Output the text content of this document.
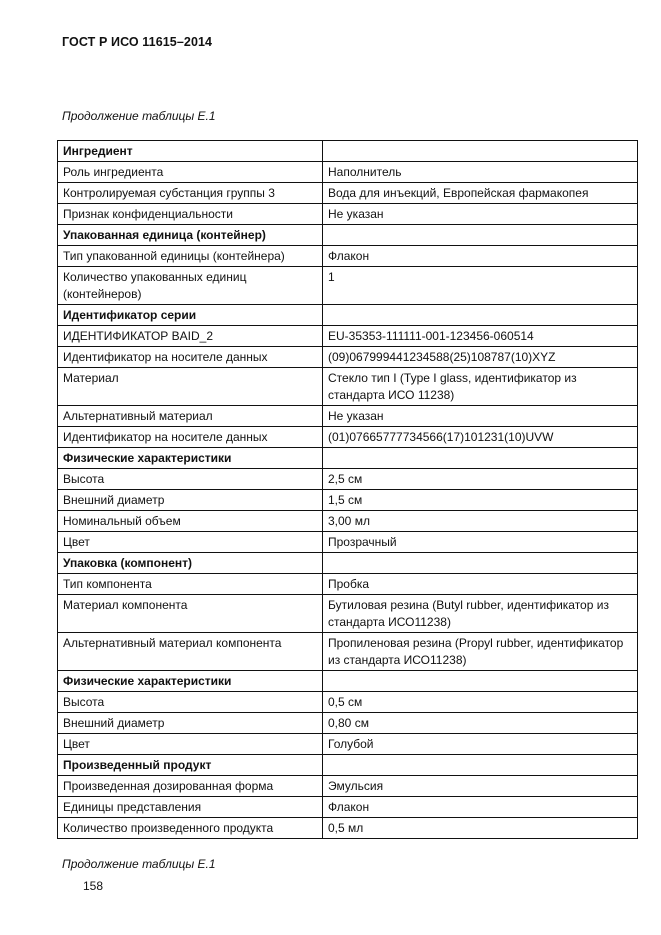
ГОСТ Р ИСО 11615–2014
Продолжение таблицы Е.1
Ингредиент	
Роль ингредиента	Наполнитель
Контролируемая субстанция группы 3	Вода для инъекций, Европейская фармакопея
Признак конфиденциальности	Не указан
Упакованная единица (контейнер)	
Тип упакованной единицы (контейнера)	Флакон
Количество упакованных единиц (контейнеров)	1
Идентификатор серии	
ИДЕНТИФИКАТОР BAID_2	EU-35353-111111-001-123456-060514
Идентификатор на носителе данных	(09)067999441234588(25)108787(10)XYZ
Материал	Стекло тип I (Type I glass, идентификатор из стандарта ИСО 11238)
Альтернативный материал	Не указан
Идентификатор на носителе данных	(01)07665777734566(17)101231(10)UVW
Физические характеристики	
Высота	2,5 см
Внешний диаметр	1,5 см
Номинальный объем	3,00 мл
Цвет	Прозрачный
Упаковка (компонент)	
Тип компонента	Пробка
Материал компонента	Бутиловая резина (Butyl rubber, идентификатор из стандарта ИСО11238)
Альтернативный материал компонента	Пропиленовая резина (Propyl rubber, идентификатор из стандарта ИСО11238)
Физические характеристики	
Высота	0,5 см
Внешний диаметр	0,80 см
Цвет	Голубой
Произведенный продукт	
Произведенная дозированная форма	Эмульсия
Единицы представления	Флакон
Количество произведенного продукта	0,5 мл
Продолжение таблицы Е.1
158
